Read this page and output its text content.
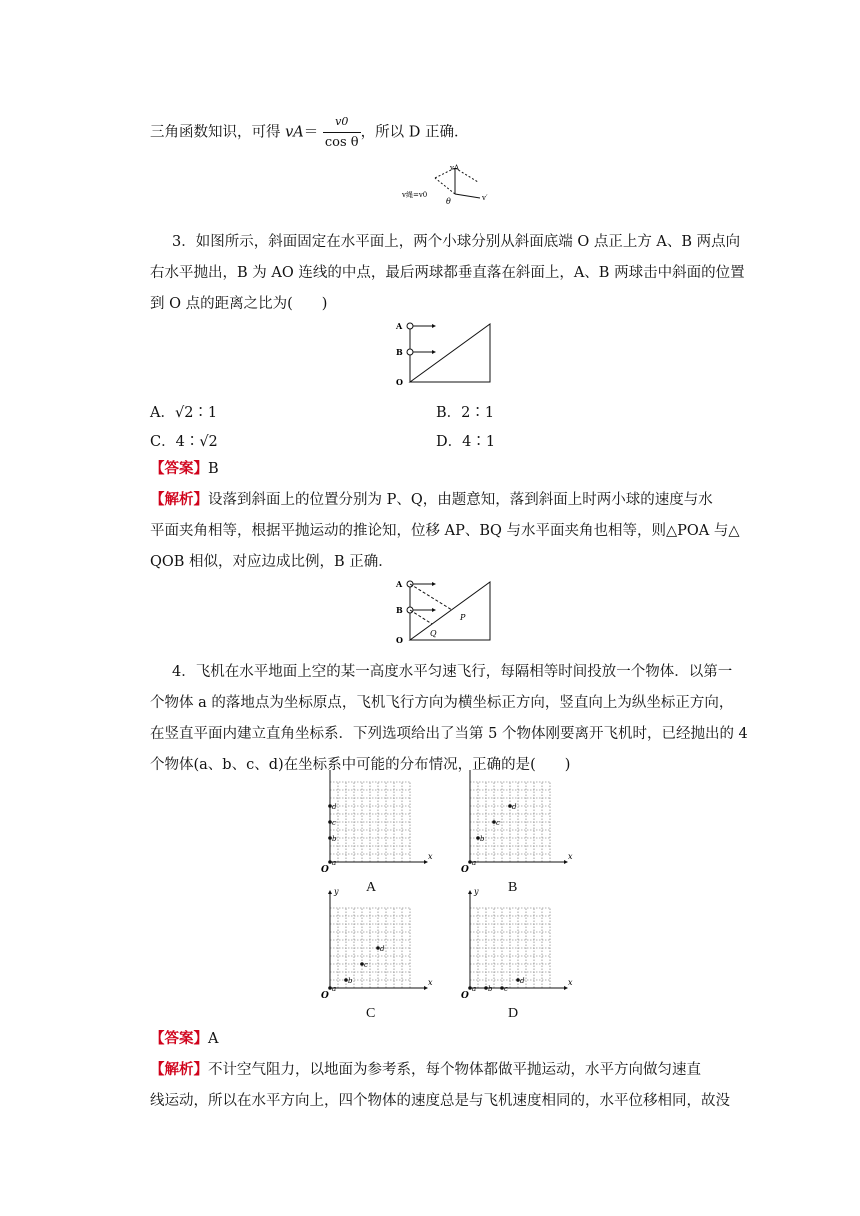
三角函数知识，可得 $vA= \frac{v0}{\text{cos θ}}$ ，所以 D 正确．
vA
v绳=v0
θ	v′
3．如图所示，斜面固定在水平面上，两个小球分别从斜面底端 O 点正上方 A、B 两点向
右水平抛出，B 为 AO 连线的中点，最后两球都垂直落在斜面上，A、B 两球击中斜面的位置
到 O 点的距离之比为(　　)
A
B
O
A．√2∶1	B．2∶1
C．4∶√2	D．4∶1
【答案】B
【解析】设落到斜面上的位置分别为 P、Q，由题意知，落到斜面上时两小球的速度与水
平面夹角相等，根据平抛运动的推论知，位移 AP、BQ 与水平面夹角也相等，则△POA 与△
QOB 相似，对应边成比例，B 正确．
A
B
O
P
Q
4．飞机在水平地面上空的某一高度水平匀速飞行，每隔相等时间投放一个物体．以第一
个物体 a 的落地点为坐标原点，飞机飞行方向为横坐标正方向，竖直向上为纵坐标正方向，
在竖直平面内建立直角坐标系．下列选项给出了当第 5 个物体刚要离开飞机时，已经抛出的 4
个物体(a、b、c、d)在坐标系中可能的分布情况，正确的是(　　)
x
O
a
b
c
d
x
O
a
b
c
d
x
y
O
a
b
c
d
x
y
O
a b c
d
A	B
C	D
【答案】A
【解析】不计空气阻力，以地面为参考系，每个物体都做平抛运动，水平方向做匀速直
线运动，所以在水平方向上，四个物体的速度总是与飞机速度相同的，水平位移相同，故没
